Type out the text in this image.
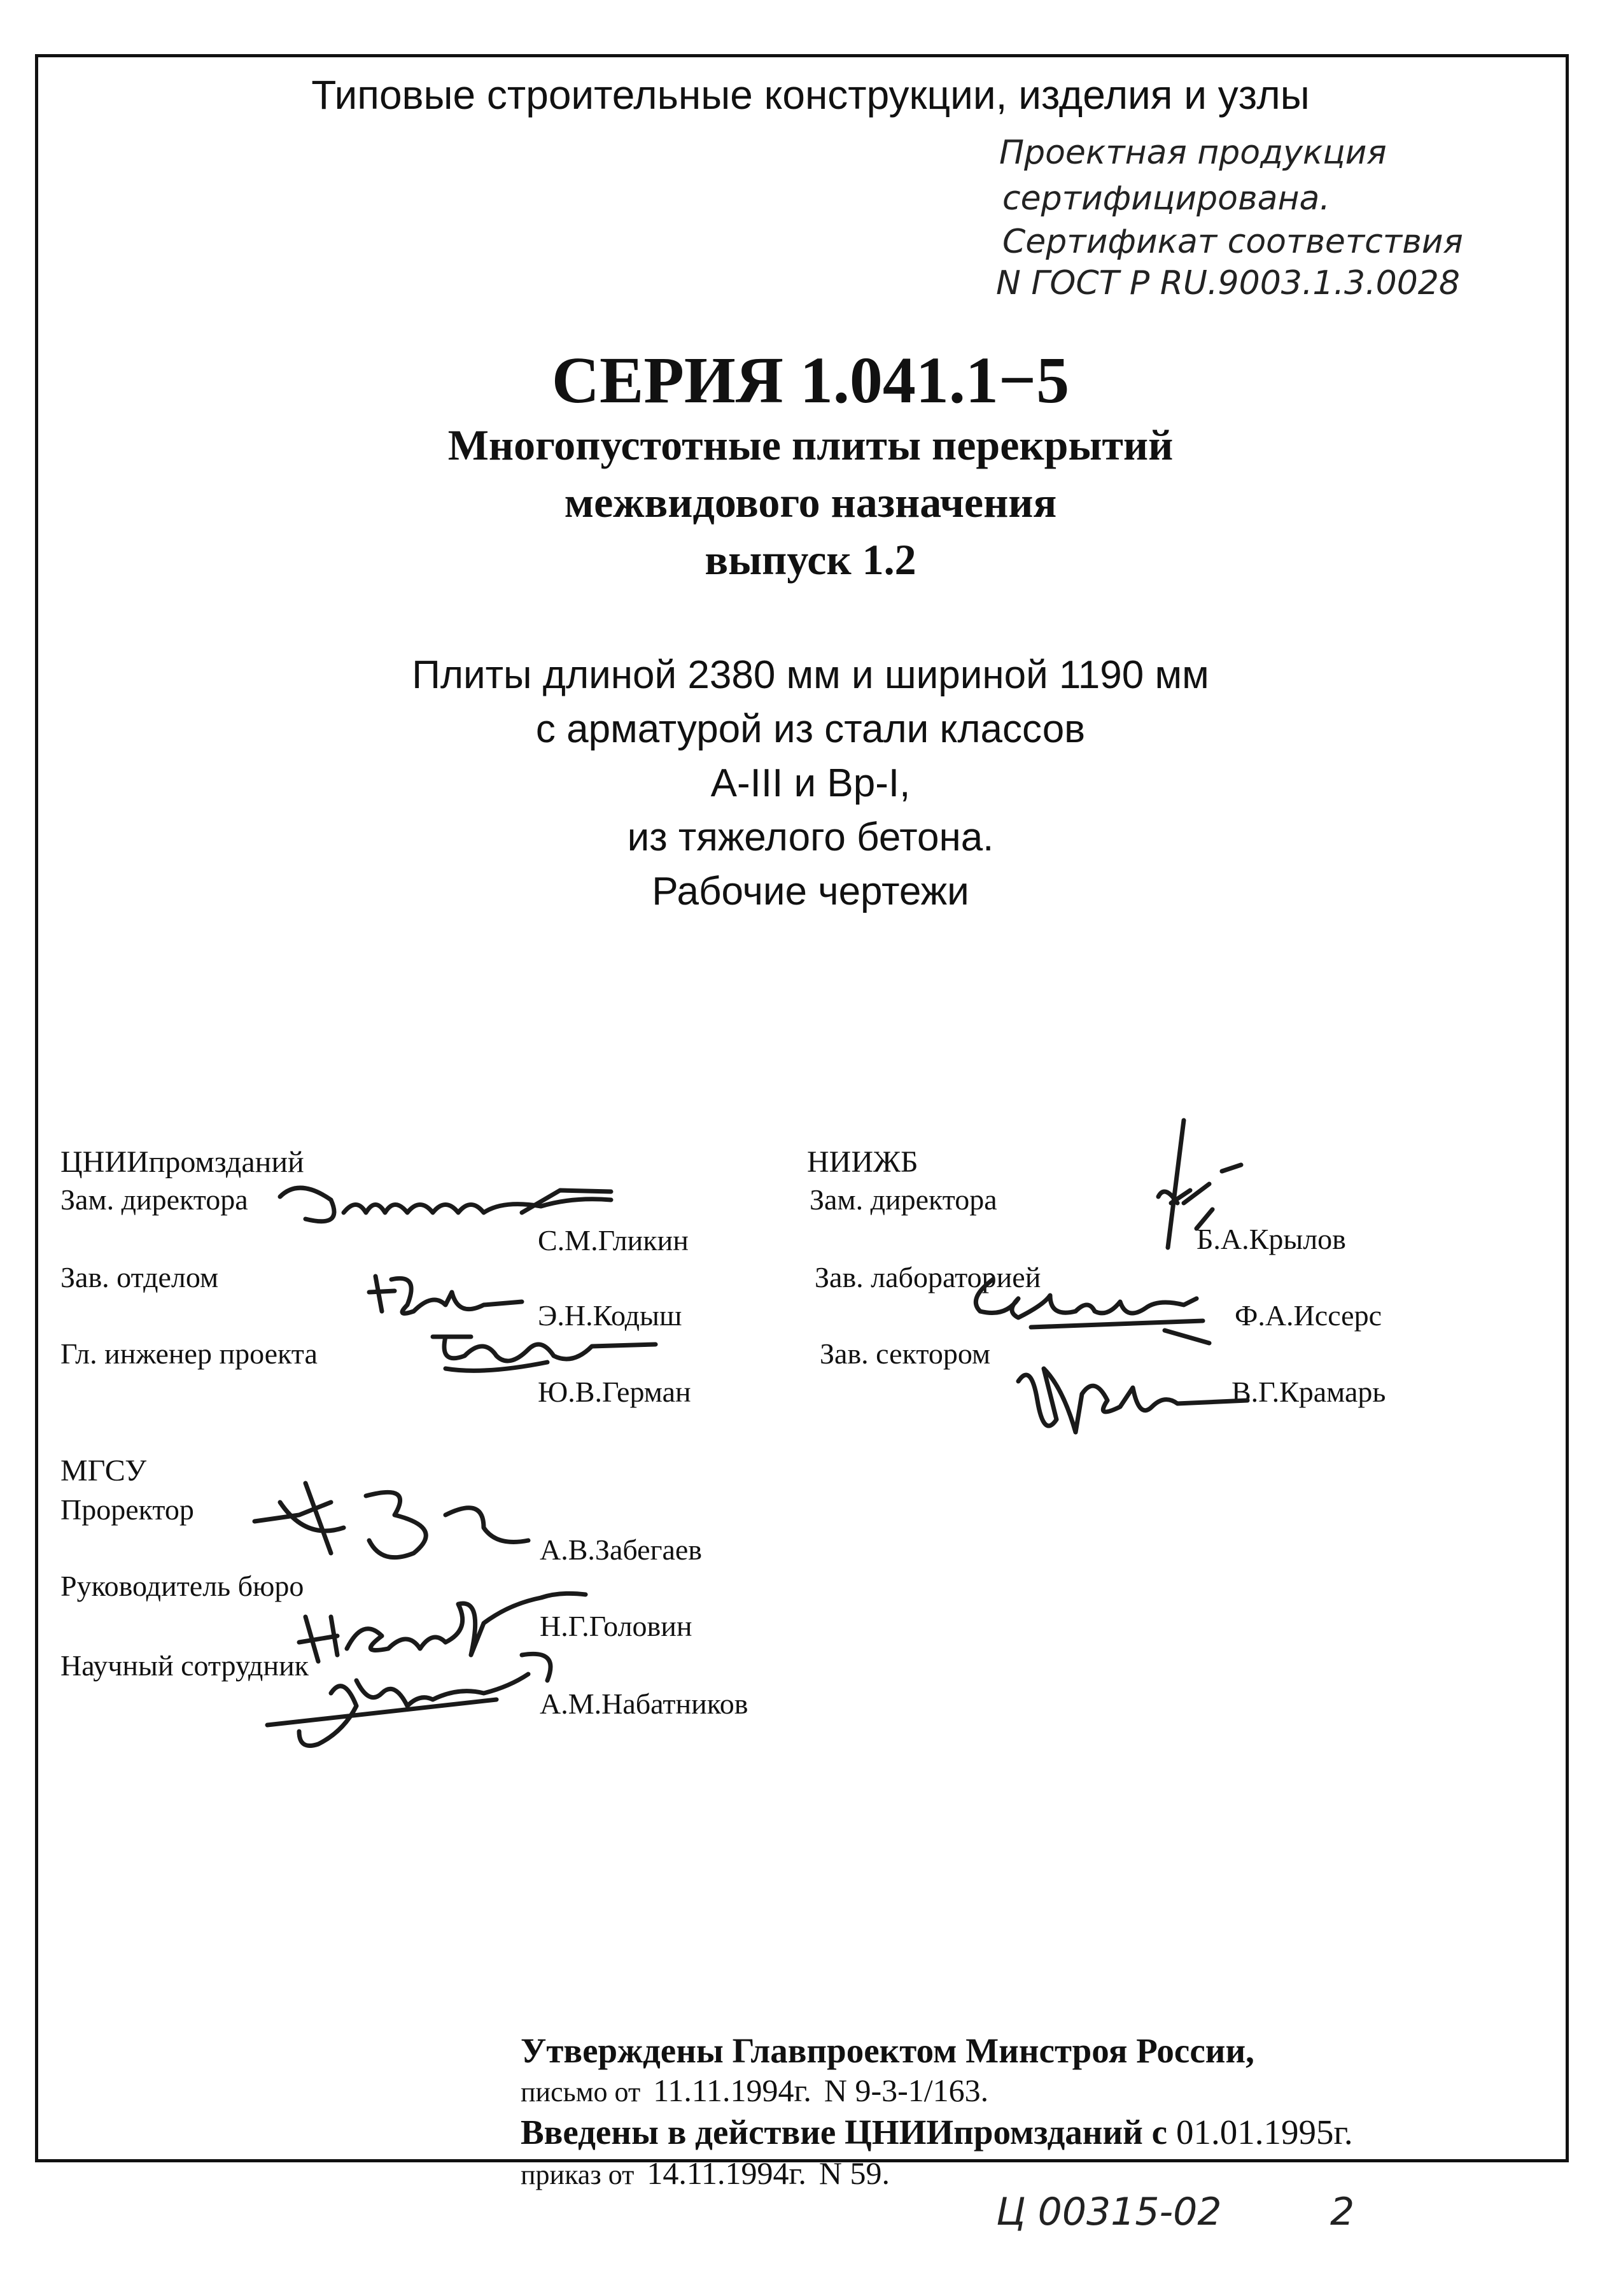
Типовые строительные конструкции, изделия и узлы
Проектная продукция
сертифицирована.
Сертификат соответствия
N ГОСТ Р RU.9003.1.3.0028
СЕРИЯ 1.041.1−5
Многопустотные плиты перекрытий
межвидового назначения
выпуск 1.2
Плиты длиной 2380 мм и шириной 1190 мм
с арматурой из стали классов
A-III и Вр-I,
из тяжелого бетона.
Рабочие чертежи
ЦНИИпромзданий
Зам. директора
С.М.Гликин
Зав. отделом
Э.Н.Кодыш
Гл. инженер проекта
Ю.В.Герман
НИИЖБ
Зам. директора
Б.А.Крылов
Зав. лабораторией
Ф.А.Иссерс
Зав. сектором
В.Г.Крамарь
МГСУ
Проректор
А.В.Забегаев
Руководитель бюро
Н.Г.Головин
Научный сотрудник
А.М.Набатников
Утверждены Главпроектом Минстроя России,
письмо от 11.11.1994г. N 9-3-1/163.
Введены в действие ЦНИИпромзданий с 01.01.1995г.
приказ от 14.11.1994г. N 59.
Ц 00315-02	2
